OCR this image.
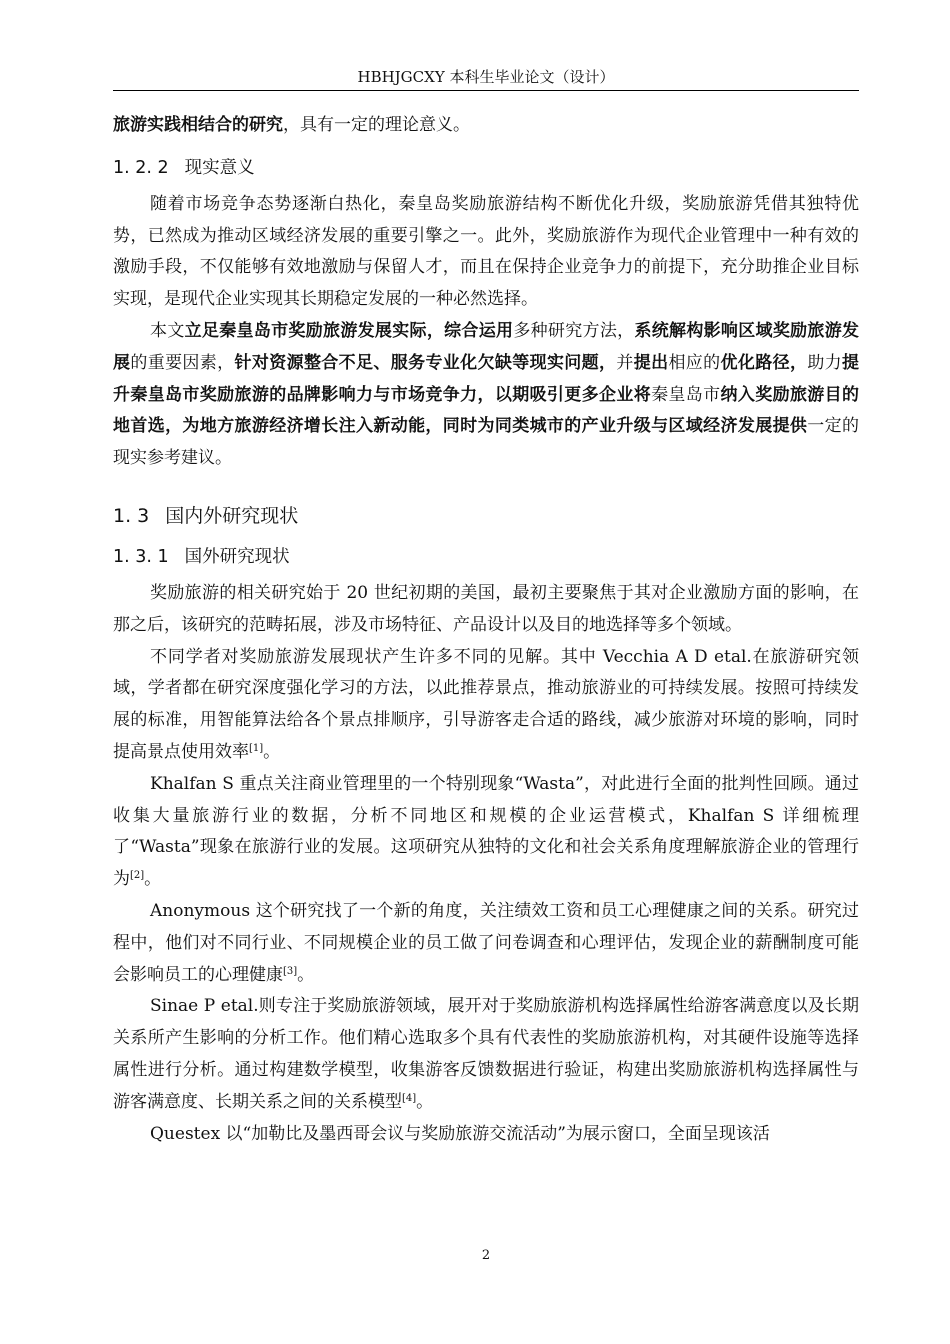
HBHJGCXY 本科生毕业论文（设计）

旅游实践相结合的研究，具有一定的理论意义。

1. 2. 2 现实意义

随着市场竞争态势逐渐白热化，秦皇岛奖励旅游结构不断优化升级，奖励旅游凭借其独特优势，已然成为推动区域经济发展的重要引擎之一。此外，奖励旅游作为现代企业管理中一种有效的激励手段，不仅能够有效地激励与保留人才，而且在保持企业竞争力的前提下，充分助推企业目标实现，是现代企业实现其长期稳定发展的一种必然选择。

本文立足秦皇岛市奖励旅游发展实际，综合运用多种研究方法，系统解构影响区域奖励旅游发展的重要因素，针对资源整合不足、服务专业化欠缺等现实问题，并提出相应的优化路径，助力提升秦皇岛市奖励旅游的品牌影响力与市场竞争力，以期吸引更多企业将秦皇岛市纳入奖励旅游目的地首选，为地方旅游经济增长注入新动能，同时为同类城市的产业升级与区域经济发展提供一定的现实参考建议。

1. 3 国内外研究现状
1. 3. 1 国外研究现状

奖励旅游的相关研究始于 20 世纪初期的美国，最初主要聚焦于其对企业激励方面的影响，在那之后，该研究的范畴拓展，涉及市场特征、产品设计以及目的地选择等多个领域。

不同学者对奖励旅游发展现状产生许多不同的见解。其中 Vecchia A D etal.在旅游研究领域，学者都在研究深度强化学习的方法，以此推荐景点，推动旅游业的可持续发展。按照可持续发展的标准，用智能算法给各个景点排顺序，引导游客走合适的路线，减少旅游对环境的影响，同时提高景点使用效率[1]。

Khalfan S 重点关注商业管理里的一个特别现象“Wasta”，对此进行全面的批判性回顾。通过收集大量旅游行业的数据，分析不同地区和规模的企业运营模式，Khalfan S 详细梳理了“Wasta”现象在旅游行业的发展。这项研究从独特的文化和社会关系角度理解旅游企业的管理行为[2]。

Anonymous 这个研究找了一个新的角度，关注绩效工资和员工心理健康之间的关系。研究过程中，他们对不同行业、不同规模企业的员工做了问卷调查和心理评估，发现企业的薪酬制度可能会影响员工的心理健康[3]。

Sinae P etal.则专注于奖励旅游领域，展开对于奖励旅游机构选择属性给游客满意度以及长期关系所产生影响的分析工作。他们精心选取多个具有代表性的奖励旅游机构，对其硬件设施等选择属性进行分析。通过构建数学模型，收集游客反馈数据进行验证，构建出奖励旅游机构选择属性与游客满意度、长期关系之间的关系模型[4]。

Questex 以“加勒比及墨西哥会议与奖励旅游交流活动”为展示窗口，全面呈现该活

2
